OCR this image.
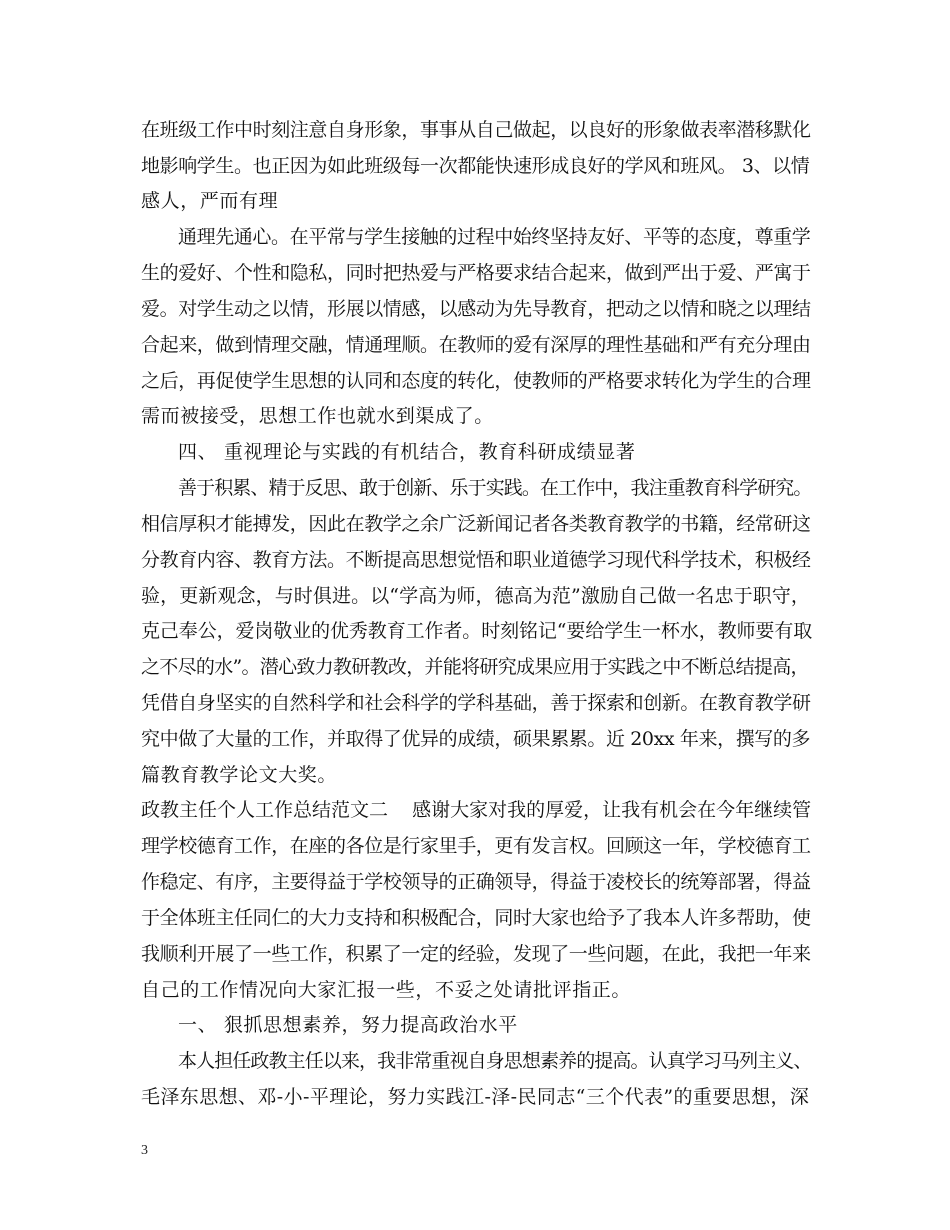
在班级工作中时刻注意自身形象，事事从自己做起，以良好的形象做表率潜移默化
地影响学生。也正因为如此班级每一次都能快速形成良好的学风和班风。 3、以情
感人，严而有理
通理先通心。在平常与学生接触的过程中始终坚持友好、平等的态度，尊重学
生的爱好、个性和隐私，同时把热爱与严格要求结合起来，做到严出于爱、严寓于
爱。对学生动之以情，形展以情感，以感动为先导教育，把动之以情和晓之以理结
合起来，做到情理交融，情通理顺。在教师的爱有深厚的理性基础和严有充分理由
之后，再促使学生思想的认同和态度的转化，使教师的严格要求转化为学生的合理
需而被接受，思想工作也就水到渠成了。
四、 重视理论与实践的有机结合，教育科研成绩显著
善于积累、精于反思、敢于创新、乐于实践。在工作中，我注重教育科学研究。
相信厚积才能搏发，因此在教学之余广泛新闻记者各类教育教学的书籍，经常研这
分教育内容、教育方法。不断提高思想觉悟和职业道德学习现代科学技术，积极经
验，更新观念，与时俱进。以“学高为师，德高为范”激励自己做一名忠于职守，
克己奉公，爱岗敬业的优秀教育工作者。时刻铭记“要给学生一杯水，教师要有取
之不尽的水”。潜心致力教研教改，并能将研究成果应用于实践之中不断总结提高，
凭借自身坚实的自然科学和社会科学的学科基础，善于探索和创新。在教育教学研
究中做了大量的工作，并取得了优异的成绩，硕果累累。近 20xx 年来，撰写的多
篇教育教学论文大奖。
政教主任个人工作总结范文二    感谢大家对我的厚爱，让我有机会在今年继续管
理学校德育工作，在座的各位是行家里手，更有发言权。回顾这一年，学校德育工
作稳定、有序，主要得益于学校领导的正确领导，得益于凌校长的统筹部署，得益
于全体班主任同仁的大力支持和积极配合，同时大家也给予了我本人许多帮助，使
我顺利开展了一些工作，积累了一定的经验，发现了一些问题，在此，我把一年来
自己的工作情况向大家汇报一些，不妥之处请批评指正。
一、 狠抓思想素养，努力提高政治水平
本人担任政教主任以来，我非常重视自身思想素养的提高。认真学习马列主义、
毛泽东思想、邓-小-平理论，努力实践江-泽-民同志“三个代表”的重要思想，深
3
